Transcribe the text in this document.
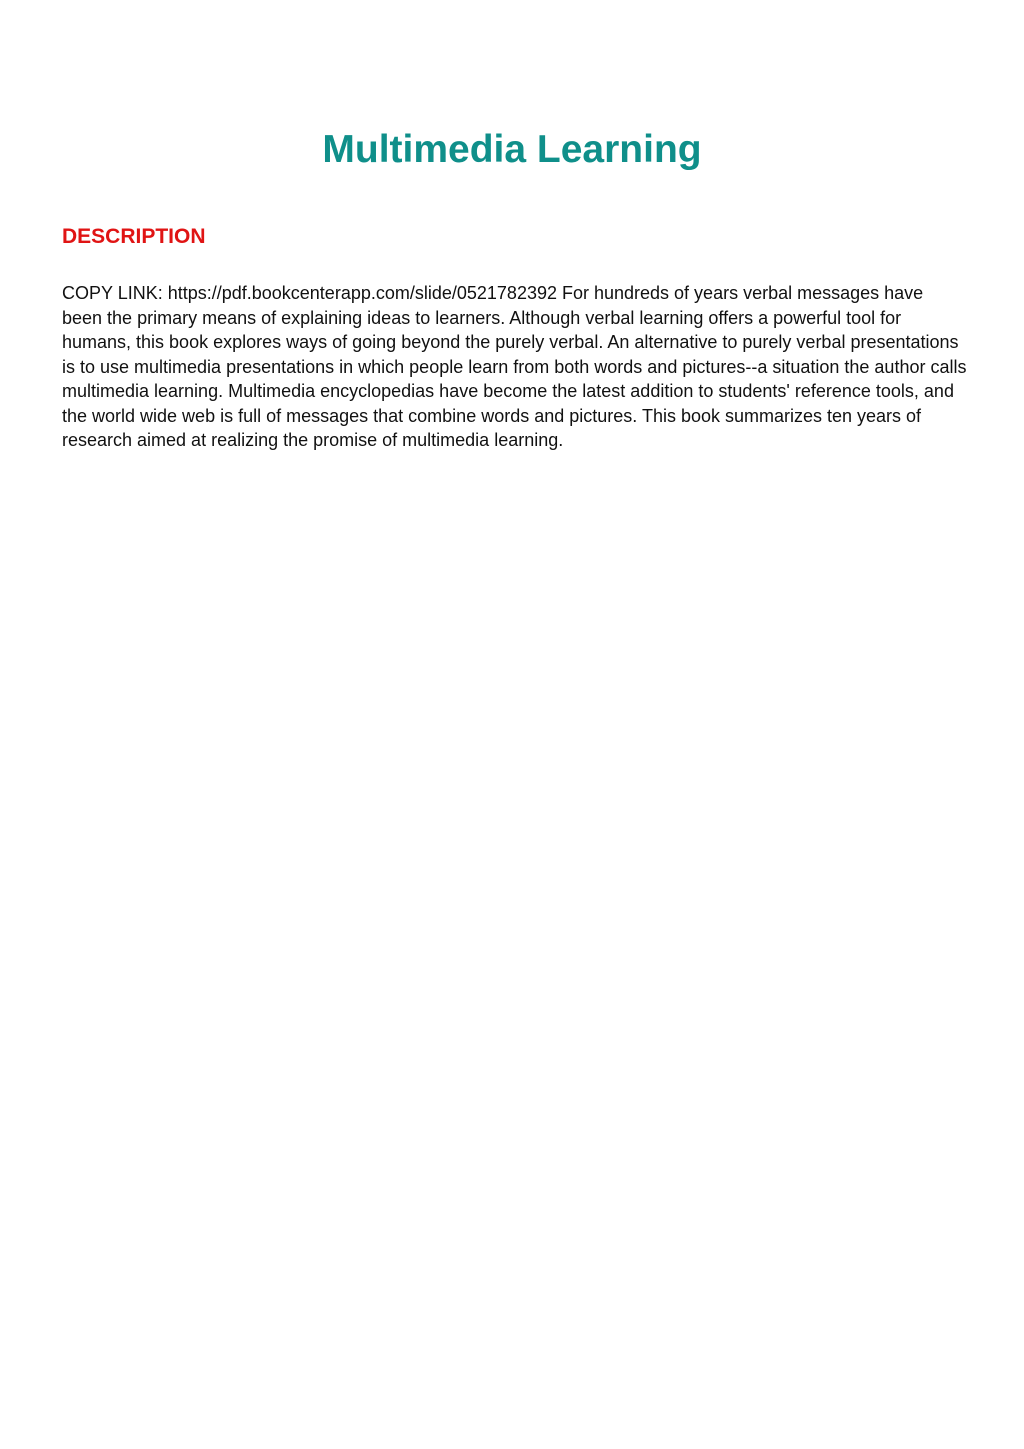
Multimedia Learning
DESCRIPTION

COPY LINK: https://pdf.bookcenterapp.com/slide/0521782392 For hundreds of years verbal messages have been the primary means of explaining ideas to learners. Although verbal learning offers a powerful tool for humans, this book explores ways of going beyond the purely verbal. An alternative to purely verbal presentations is to use multimedia presentations in which people learn from both words and pictures--a situation the author calls multimedia learning. Multimedia encyclopedias have become the latest addition to students' reference tools, and the world wide web is full of messages that combine words and pictures. This book summarizes ten years of research aimed at realizing the promise of multimedia learning.
